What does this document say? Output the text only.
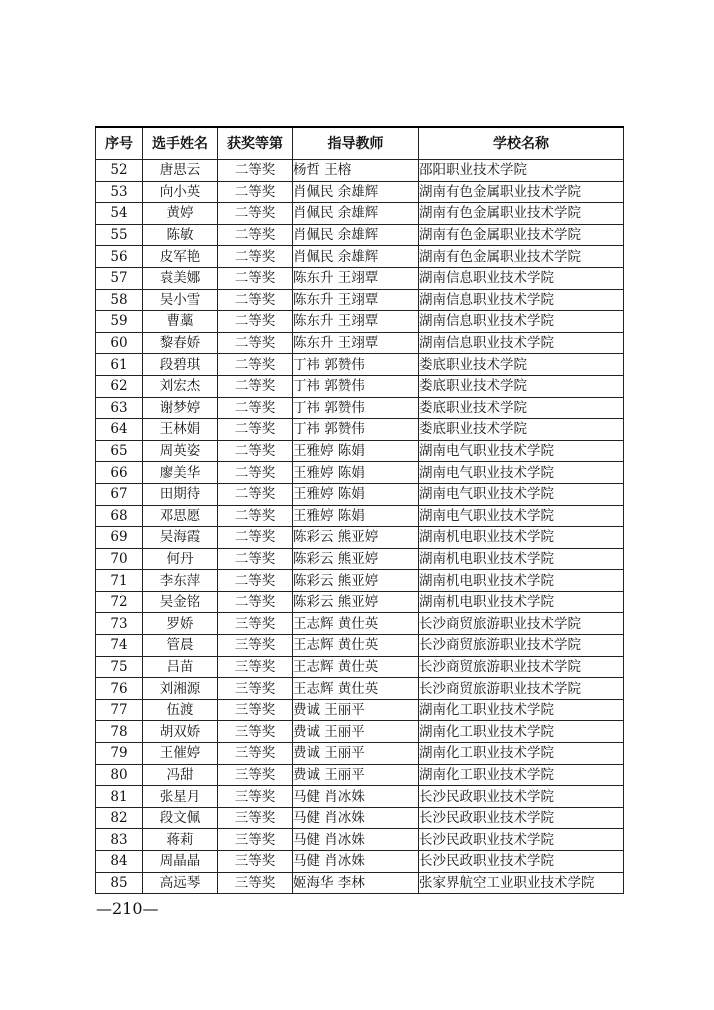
序号	选手姓名	获奖等第	指导教师	学校名称
52	唐思云	二等奖	杨哲 王榕	邵阳职业技术学院
53	向小英	二等奖	肖佩民 余雄辉	湖南有色金属职业技术学院
54	黄婷	二等奖	肖佩民 余雄辉	湖南有色金属职业技术学院
55	陈敏	二等奖	肖佩民 余雄辉	湖南有色金属职业技术学院
56	皮军艳	二等奖	肖佩民 余雄辉	湖南有色金属职业技术学院
57	袁美娜	二等奖	陈东升 王翊覃	湖南信息职业技术学院
58	吴小雪	二等奖	陈东升 王翊覃	湖南信息职业技术学院
59	曹藁	二等奖	陈东升 王翊覃	湖南信息职业技术学院
60	黎春娇	二等奖	陈东升 王翊覃	湖南信息职业技术学院
61	段碧琪	二等奖	丁祎 郭赞伟	娄底职业技术学院
62	刘宏杰	二等奖	丁祎 郭赞伟	娄底职业技术学院
63	谢梦婷	二等奖	丁祎 郭赞伟	娄底职业技术学院
64	王林娟	二等奖	丁祎 郭赞伟	娄底职业技术学院
65	周英姿	二等奖	王雅婷 陈娟	湖南电气职业技术学院
66	廖美华	二等奖	王雅婷 陈娟	湖南电气职业技术学院
67	田期待	二等奖	王雅婷 陈娟	湖南电气职业技术学院
68	邓思愿	二等奖	王雅婷 陈娟	湖南电气职业技术学院
69	吴海霞	二等奖	陈彩云 熊亚婷	湖南机电职业技术学院
70	何丹	二等奖	陈彩云 熊亚婷	湖南机电职业技术学院
71	李东萍	二等奖	陈彩云 熊亚婷	湖南机电职业技术学院
72	吴金铭	二等奖	陈彩云 熊亚婷	湖南机电职业技术学院
73	罗娇	三等奖	王志辉 黄仕英	长沙商贸旅游职业技术学院
74	管晨	三等奖	王志辉 黄仕英	长沙商贸旅游职业技术学院
75	吕苗	三等奖	王志辉 黄仕英	长沙商贸旅游职业技术学院
76	刘湘源	三等奖	王志辉 黄仕英	长沙商贸旅游职业技术学院
77	伍渡	三等奖	费诚 王丽平	湖南化工职业技术学院
78	胡双娇	三等奖	费诚 王丽平	湖南化工职业技术学院
79	王催婷	三等奖	费诚 王丽平	湖南化工职业技术学院
80	冯甜	三等奖	费诚 王丽平	湖南化工职业技术学院
81	张星月	三等奖	马健 肖冰姝	长沙民政职业技术学院
82	段文佩	三等奖	马健 肖冰姝	长沙民政职业技术学院
83	蒋莉	三等奖	马健 肖冰姝	长沙民政职业技术学院
84	周晶晶	三等奖	马健 肖冰姝	长沙民政职业技术学院
85	高远琴	三等奖	姬海华 李林	张家界航空工业职业技术学院
—210—
